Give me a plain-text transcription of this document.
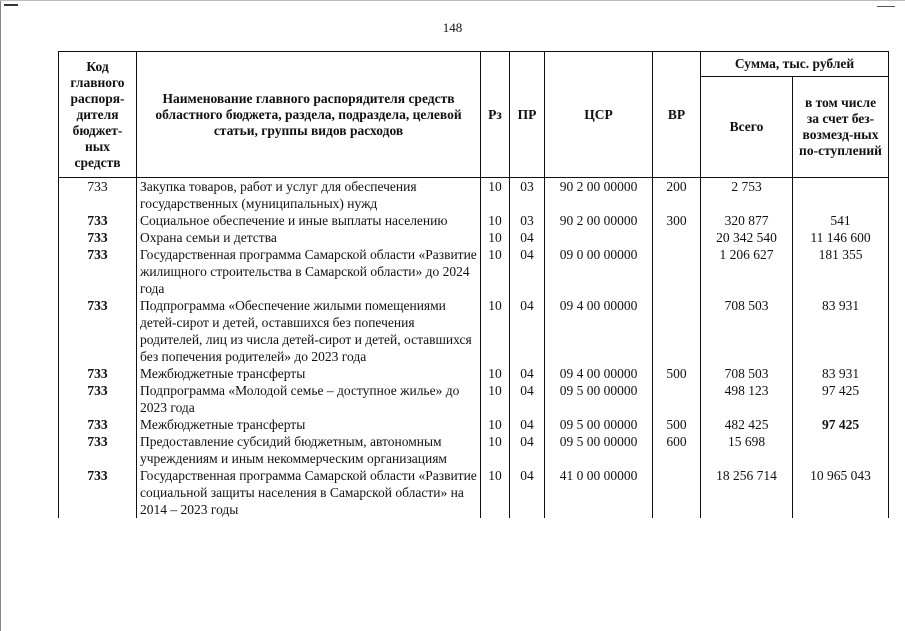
148
Код главного распоря-дителя бюджет-ных средств	Наименование главного распорядителя средств областного бюджета, раздела, подраздела, целевой статьи, группы видов расходов	Рз	ПР	ЦСР	ВР	Сумма, тыс. рублей	
						Всего	в том числе за счет без-возмезд-ных по-ступлений
733	Закупка товаров, работ и услуг для обеспечения государственных (муниципальных) нужд	10	03	90 2 00 00000	200	2 753	
733	Социальное обеспечение и иные выплаты населению	10	03	90 2 00 00000	300	320 877	541
733	Охрана семьи и детства	10	04			20 342 540	11 146 600
733	Государственная программа Самарской области «Развитие жилищного строительства в Самарской области» до 2024 года	10	04	09 0 00 00000		1 206 627	181 355
733	Подпрограмма «Обеспечение жилыми помещениями детей-сирот и детей, оставшихся без попечения родителей, лиц из числа детей-сирот и детей, оставшихся без попечения родителей» до 2023 года	10	04	09 4 00 00000		708 503	83 931
733	Межбюджетные трансферты	10	04	09 4 00 00000	500	708 503	83 931
733	Подпрограмма «Молодой семье – доступное жилье» до 2023 года	10	04	09 5 00 00000		498 123	97 425
733	Межбюджетные трансферты	10	04	09 5 00 00000	500	482 425	97 425
733	Предоставление субсидий бюджетным, автономным учреждениям и иным некоммерческим организациям	10	04	09 5 00 00000	600	15 698	
733	Государственная программа Самарской области «Развитие социальной защиты населения в Самарской области» на 2014 – 2023 годы	10	04	41 0 00 00000		18 256 714	10 965 043
